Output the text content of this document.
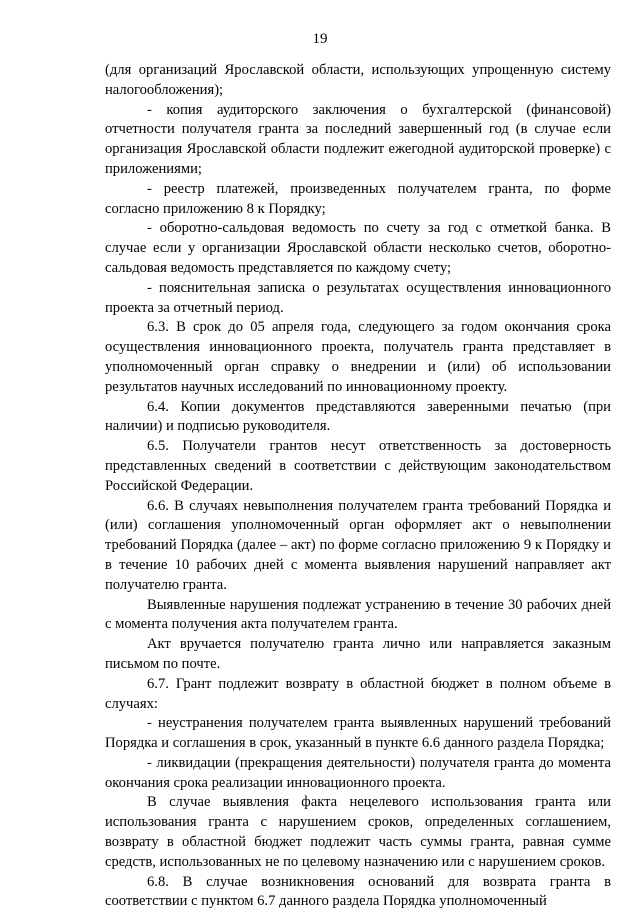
19

(для организаций Ярославской области, использующих упрощенную систему налогообложения);

- копия аудиторского заключения о бухгалтерской (финансовой) отчетности получателя гранта за последний завершенный год (в случае если организация Ярославской области подлежит ежегодной аудиторской проверке) с приложениями;

- реестр платежей, произведенных получателем гранта, по форме согласно приложению 8 к Порядку;

- оборотно-сальдовая ведомость по счету за год с отметкой банка. В случае если у организации Ярославской области несколько счетов, оборотно-сальдовая ведомость представляется по каждому счету;

- пояснительная записка о результатах осуществления инновационного проекта за отчетный период.

6.3. В срок до 05 апреля года, следующего за годом окончания срока осуществления инновационного проекта, получатель гранта представляет в уполномоченный орган справку о внедрении и (или) об использовании результатов научных исследований по инновационному проекту.

6.4. Копии документов представляются заверенными печатью (при наличии) и подписью руководителя.

6.5. Получатели грантов несут ответственность за достоверность представленных сведений в соответствии с действующим законодательством Российской Федерации.

6.6. В случаях невыполнения получателем гранта требований Порядка и (или) соглашения уполномоченный орган оформляет акт о невыполнении требований Порядка (далее – акт) по форме согласно приложению 9 к Порядку и в течение 10 рабочих дней с момента выявления нарушений направляет акт получателю гранта.

Выявленные нарушения подлежат устранению в течение 30 рабочих дней с момента получения акта получателем гранта.

Акт вручается получателю гранта лично или направляется заказным письмом по почте.

6.7. Грант подлежит возврату в областной бюджет в полном объеме в случаях:

- неустранения получателем гранта выявленных нарушений требований Порядка и соглашения в срок, указанный в пункте 6.6 данного раздела Порядка;

- ликвидации (прекращения деятельности) получателя гранта до момента окончания срока реализации инновационного проекта.

В случае выявления факта нецелевого использования гранта или использования гранта с нарушением сроков, определенных соглашением, возврату в областной бюджет подлежит часть суммы гранта, равная сумме средств, использованных не по целевому назначению или с нарушением сроков.

6.8. В случае возникновения оснований для возврата гранта в соответствии с пунктом 6.7 данного раздела Порядка уполномоченный
